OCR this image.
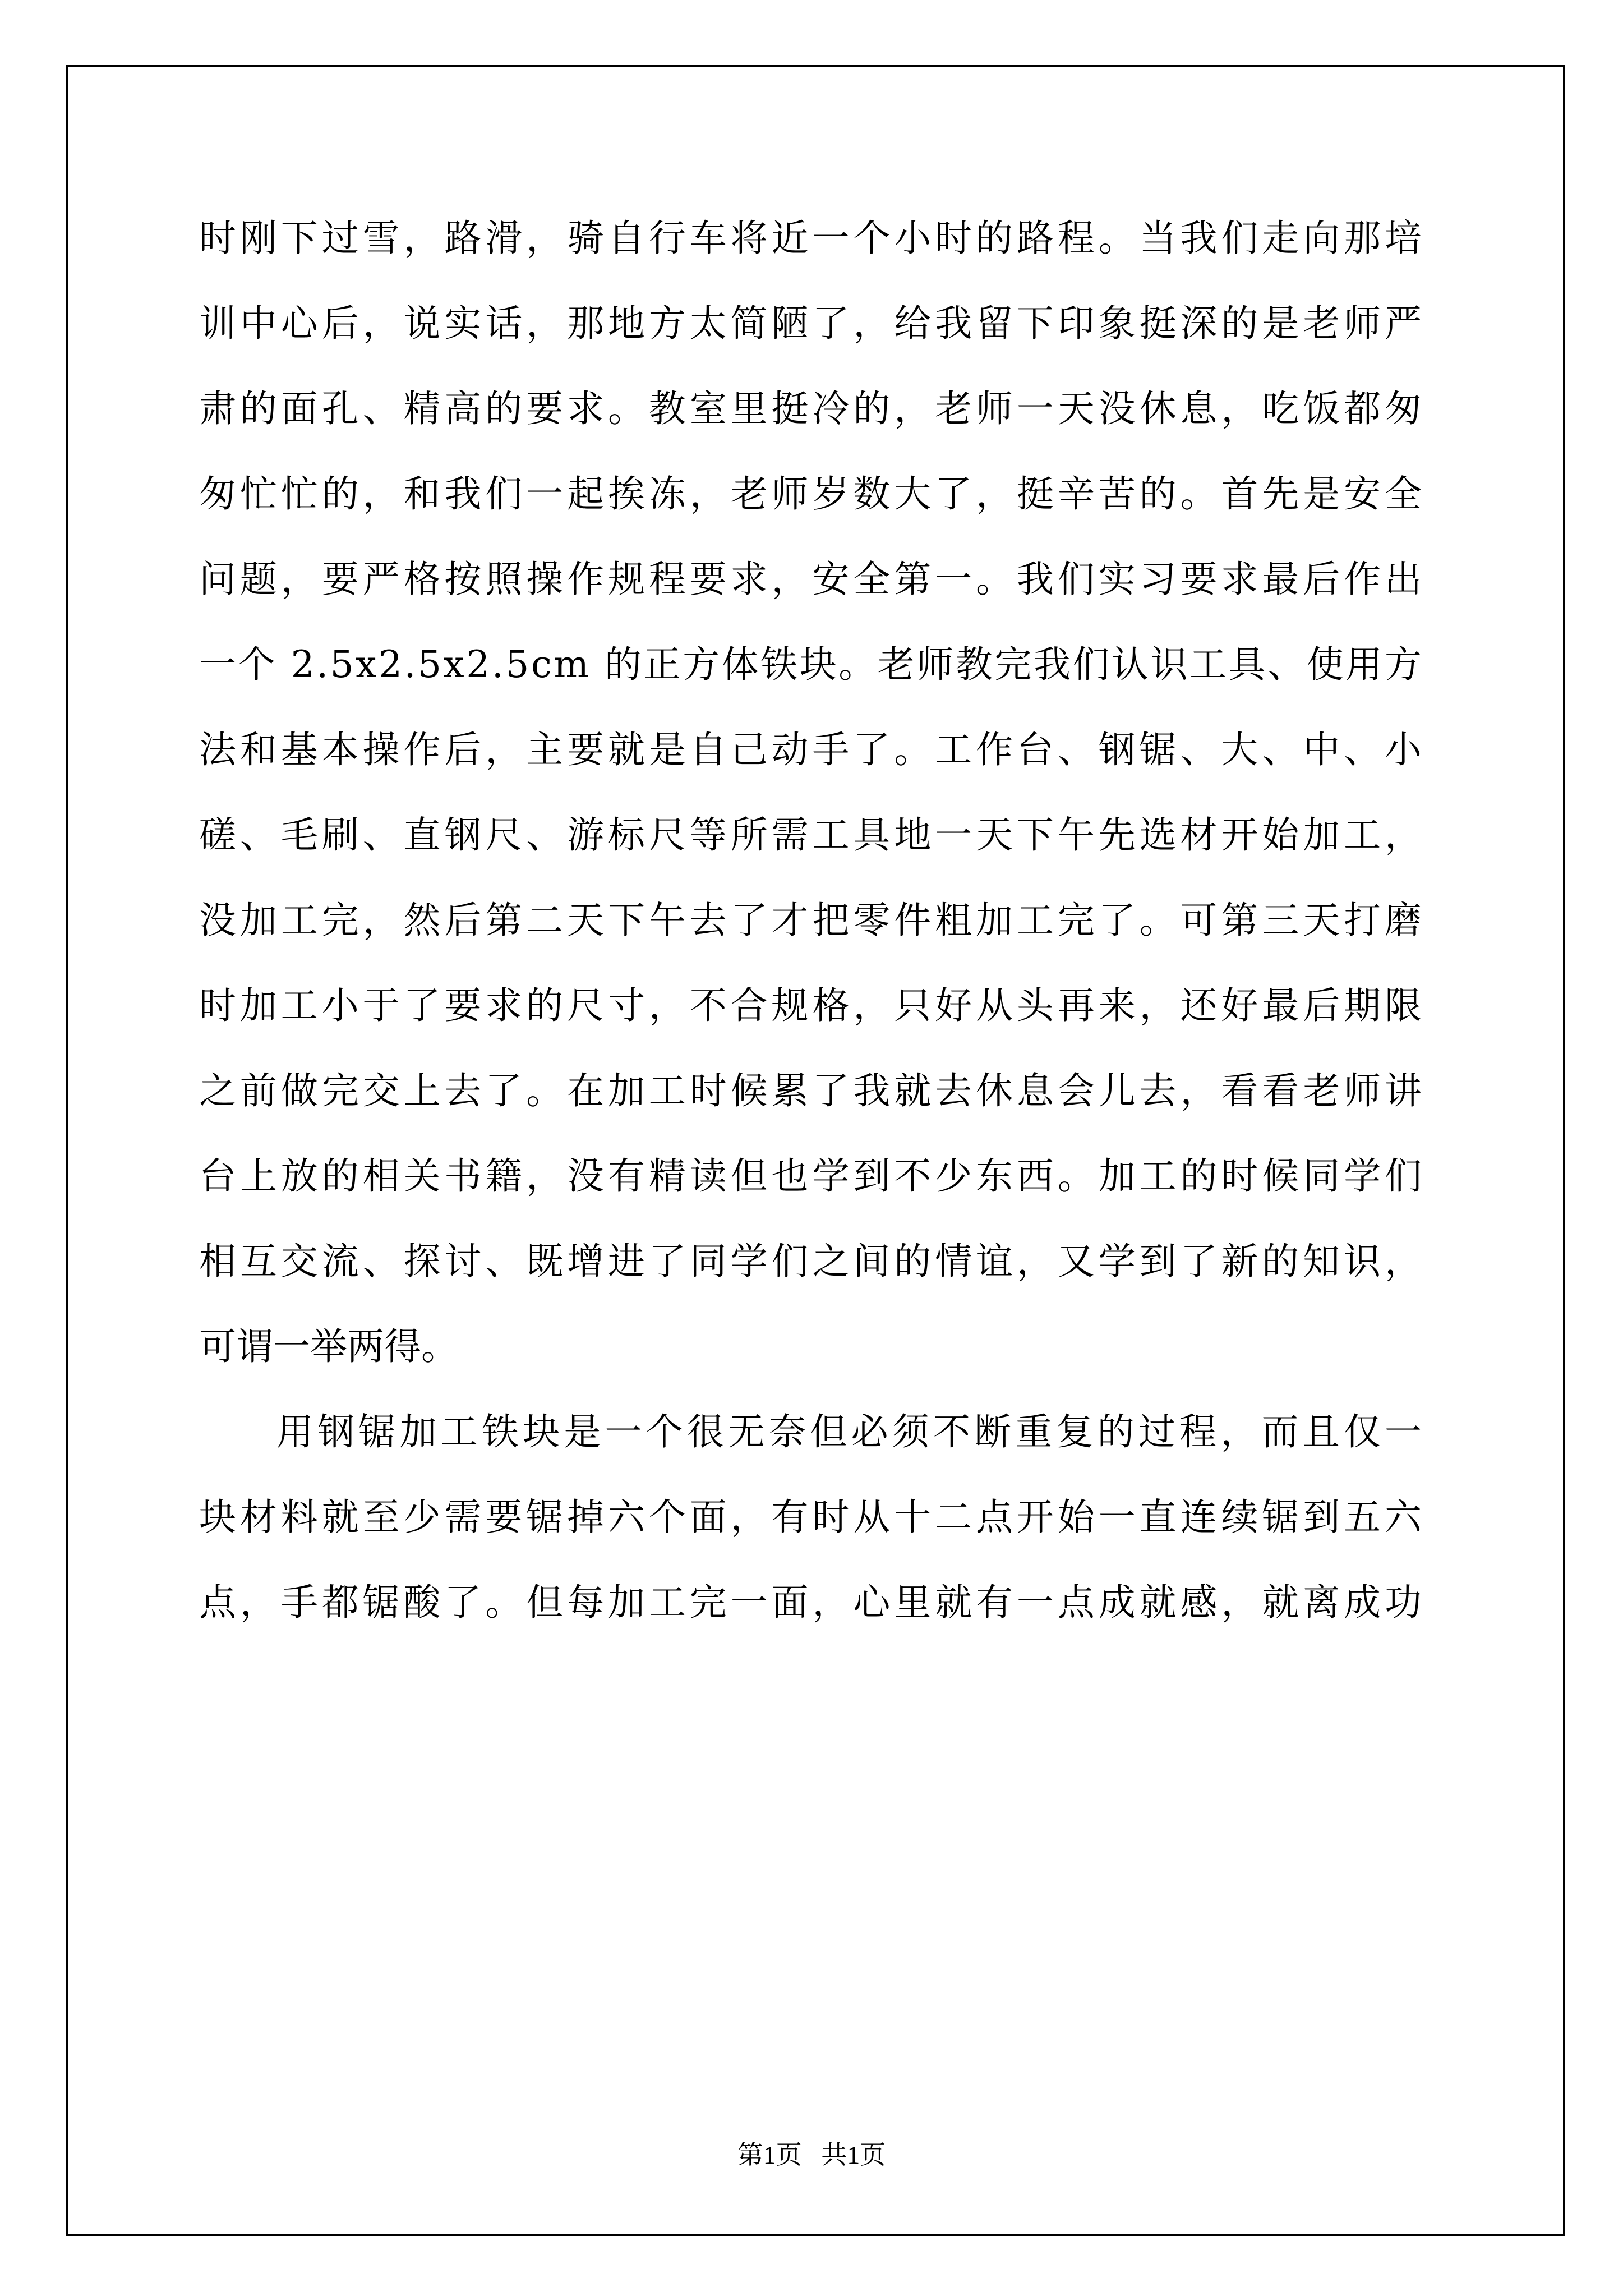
时刚下过雪，路滑，骑自行车将近一个小时的路程。当我们走向那培
训中心后，说实话，那地方太简陋了，给我留下印象挺深的是老师严
肃的面孔、精高的要求。教室里挺冷的，老师一天没休息，吃饭都匆
匆忙忙的，和我们一起挨冻，老师岁数大了，挺辛苦的。首先是安全
问题，要严格按照操作规程要求，安全第一。我们实习要求最后作出
一个 2.5x2.5x2.5cm 的正方体铁块。老师教完我们认识工具、使用方
法和基本操作后，主要就是自己动手了。工作台、钢锯、大、中、小
磋、毛刷、直钢尺、游标尺等所需工具地一天下午先选材开始加工，
没加工完，然后第二天下午去了才把零件粗加工完了。可第三天打磨
时加工小于了要求的尺寸，不合规格，只好从头再来，还好最后期限
之前做完交上去了。在加工时候累了我就去休息会儿去，看看老师讲
台上放的相关书籍，没有精读但也学到不少东西。加工的时候同学们
相互交流、探讨、既增进了同学们之间的情谊，又学到了新的知识，
可谓一举两得。
用钢锯加工铁块是一个很无奈但必须不断重复的过程，而且仅一
块材料就至少需要锯掉六个面，有时从十二点开始一直连续锯到五六
点，手都锯酸了。但每加工完一面，心里就有一点成就感，就离成功
第1页   共1页
